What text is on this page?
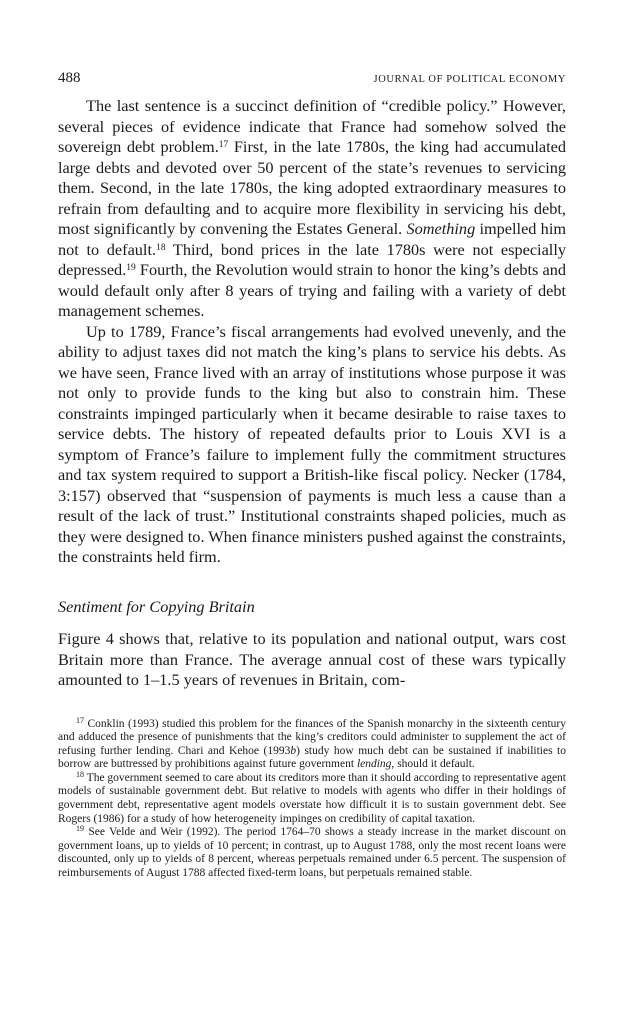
488	JOURNAL OF POLITICAL ECONOMY

The last sentence is a succinct definition of “credible policy.” However, several pieces of evidence indicate that France had somehow solved the sovereign debt problem.$^{17}$ First, in the late 1780s, the king had accumulated large debts and devoted over 50 percent of the state’s revenues to servicing them. Second, in the late 1780s, the king adopted extraordinary measures to refrain from defaulting and to acquire more flexibility in servicing his debt, most significantly by convening the Estates General. Something impelled him not to default.$^{18}$ Third, bond prices in the late 1780s were not especially depressed.$^{19}$ Fourth, the Revolution would strain to honor the king’s debts and would default only after 8 years of trying and failing with a variety of debt management schemes.

Up to 1789, France’s fiscal arrangements had evolved unevenly, and the ability to adjust taxes did not match the king’s plans to service his debts. As we have seen, France lived with an array of institutions whose purpose it was not only to provide funds to the king but also to constrain him. These constraints impinged particularly when it became desirable to raise taxes to service debts. The history of repeated defaults prior to Louis XVI is a symptom of France’s failure to implement fully the commitment structures and tax system required to support a British-like fiscal policy. Necker (1784, 3:157) observed that “suspension of payments is much less a cause than a result of the lack of trust.” Institutional constraints shaped policies, much as they were designed to. When finance ministers pushed against the constraints, the constraints held firm.

Sentiment for Copying Britain

Figure 4 shows that, relative to its population and national output, wars cost Britain more than France. The average annual cost of these wars typically amounted to 1–1.5 years of revenues in Britain, com-

$^{17}$ Conklin (1993) studied this problem for the finances of the Spanish monarchy in the sixteenth century and adduced the presence of punishments that the king’s creditors could administer to supplement the act of refusing further lending. Chari and Kehoe (1993b) study how much debt can be sustained if inabilities to borrow are buttressed by prohibitions against future government lending, should it default.

$^{18}$ The government seemed to care about its creditors more than it should according to representative agent models of sustainable government debt. But relative to models with agents who differ in their holdings of government debt, representative agent models overstate how difficult it is to sustain government debt. See Rogers (1986) for a study of how heterogeneity impinges on credibility of capital taxation.

$^{19}$ See Velde and Weir (1992). The period 1764–70 shows a steady increase in the market discount on government loans, up to yields of 10 percent; in contrast, up to August 1788, only the most recent loans were discounted, only up to yields of 8 percent, whereas perpetuals remained under 6.5 percent. The suspension of reimbursements of August 1788 affected fixed-term loans, but perpetuals remained stable.
